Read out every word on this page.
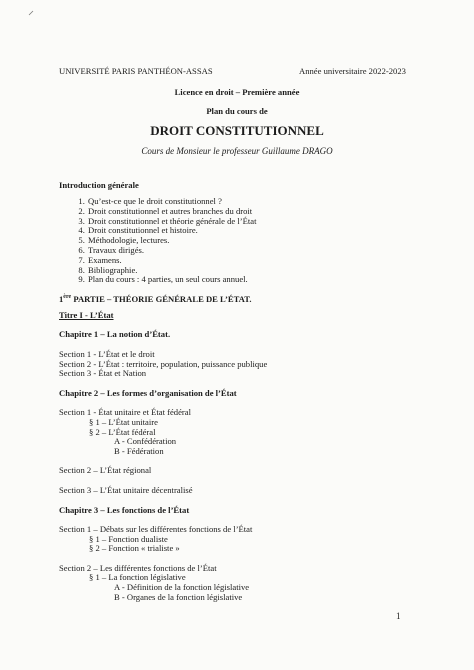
UNIVERSITÉ PARIS PANTHÉON-ASSAS	Année universitaire 2022-2023
Licence en droit – Première année
Plan du cours de
DROIT CONSTITUTIONNEL
Cours de Monsieur le professeur Guillaume DRAGO
Introduction générale
1. Qu’est-ce que le droit constitutionnel ?
2. Droit constitutionnel et autres branches du droit
3. Droit constitutionnel et théorie générale de l’État
4. Droit constitutionnel et histoire.
5. Méthodologie, lectures.
6. Travaux dirigés.
7. Examens.
8. Bibliographie.
9. Plan du cours : 4 parties, un seul cours annuel.
1ère PARTIE – THÉORIE GÉNÉRALE DE L’ÉTAT.
Titre I - L’État
Chapitre 1 – La notion d’État.
Section 1 - L’État et le droit
Section 2 - L’État : territoire, population, puissance publique
Section 3 - État et Nation
Chapitre 2 – Les formes d’organisation de l’État
Section 1 - État unitaire et État fédéral
§ 1 – L’État unitaire
§ 2 – L’État fédéral
A - Confédération
B - Fédération
Section 2 – L’État régional
Section 3 – L’État unitaire décentralisé
Chapitre 3 – Les fonctions de l’État
Section 1 – Débats sur les différentes fonctions de l’État
§ 1 – Fonction dualiste
§ 2 – Fonction « trialiste »
Section 2 – Les différentes fonctions de l’État
§ 1 – La fonction législative
A - Définition de la fonction législative
B - Organes de la fonction législative
1
